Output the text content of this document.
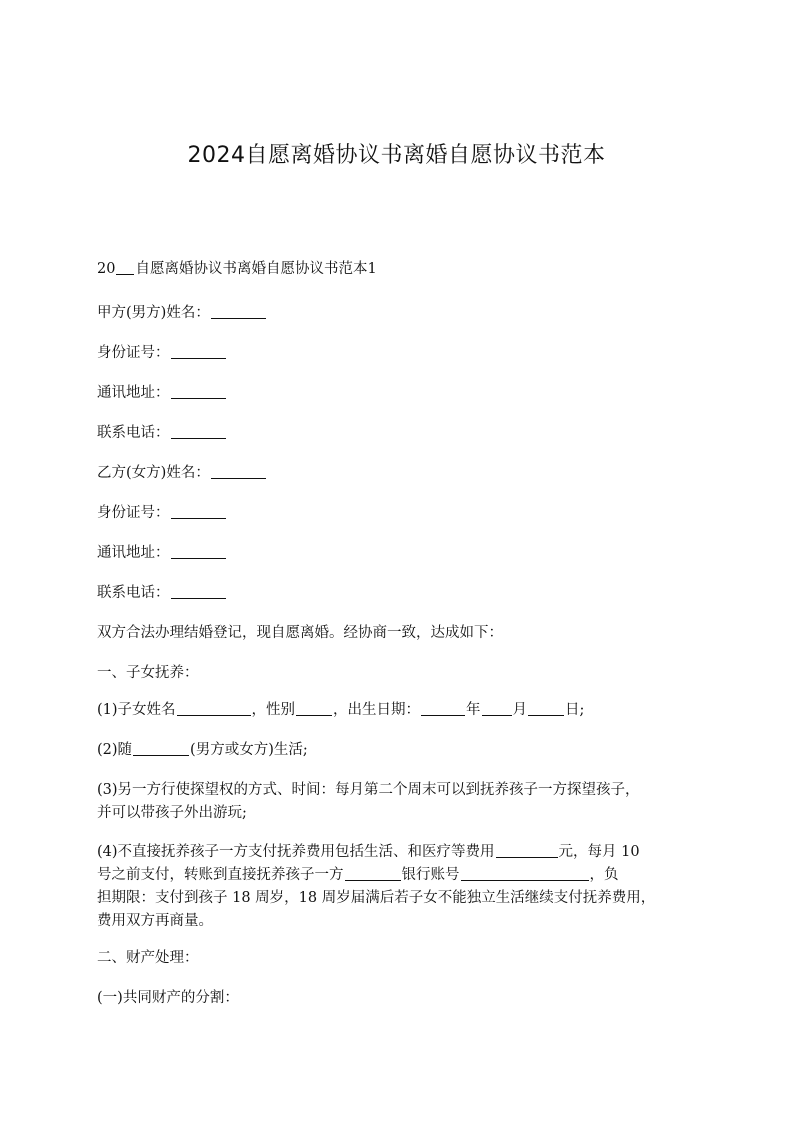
2024自愿离婚协议书离婚自愿协议书范本
20 自愿离婚协议书离婚自愿协议书范本1
甲方(男方)姓名：
身份证号：
通讯地址：
联系电话：
乙方(女方)姓名：
身份证号：
通讯地址：
联系电话：
双方合法办理结婚登记，现自愿离婚。经协商一致，达成如下：
一、子女抚养：
(1)子女姓名	，性别	，出生日期：	年 月	日;
(2)随	(男方或女方)生活;
(3)另一方行使探望权的方式、时间：每月第二个周末可以到抚养孩子一方探望孩子，
并可以带孩子外出游玩;
(4)不直接抚养孩子一方支付抚养费用包括生活、和医疗等费用	元，每月 10
号之前支付，转账到直接抚养孩子一方	银行账号	，负
担期限：支付到孩子 18 周岁，18 周岁届满后若子女不能独立生活继续支付抚养费用，
费用双方再商量。
二、财产处理：
(一)共同财产的分割：
